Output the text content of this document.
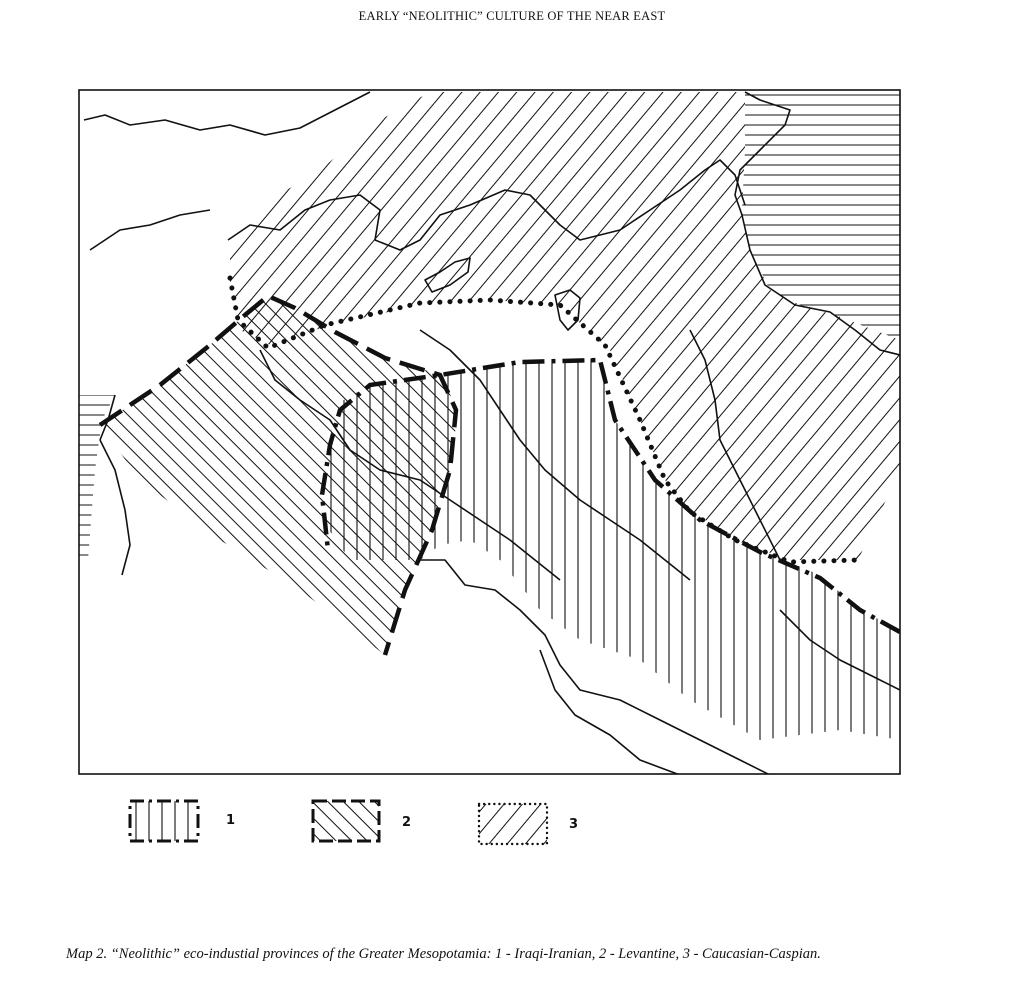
EARLY “NEOLITHIC” CULTURE OF THE NEAR EAST
1	2	3
Map 2. “Neolithic” eco-industial provinces of the Greater Mesopotamia: 1 - Iraqi-Iranian, 2 - Levantine, 3 - Caucasian-Caspian.
